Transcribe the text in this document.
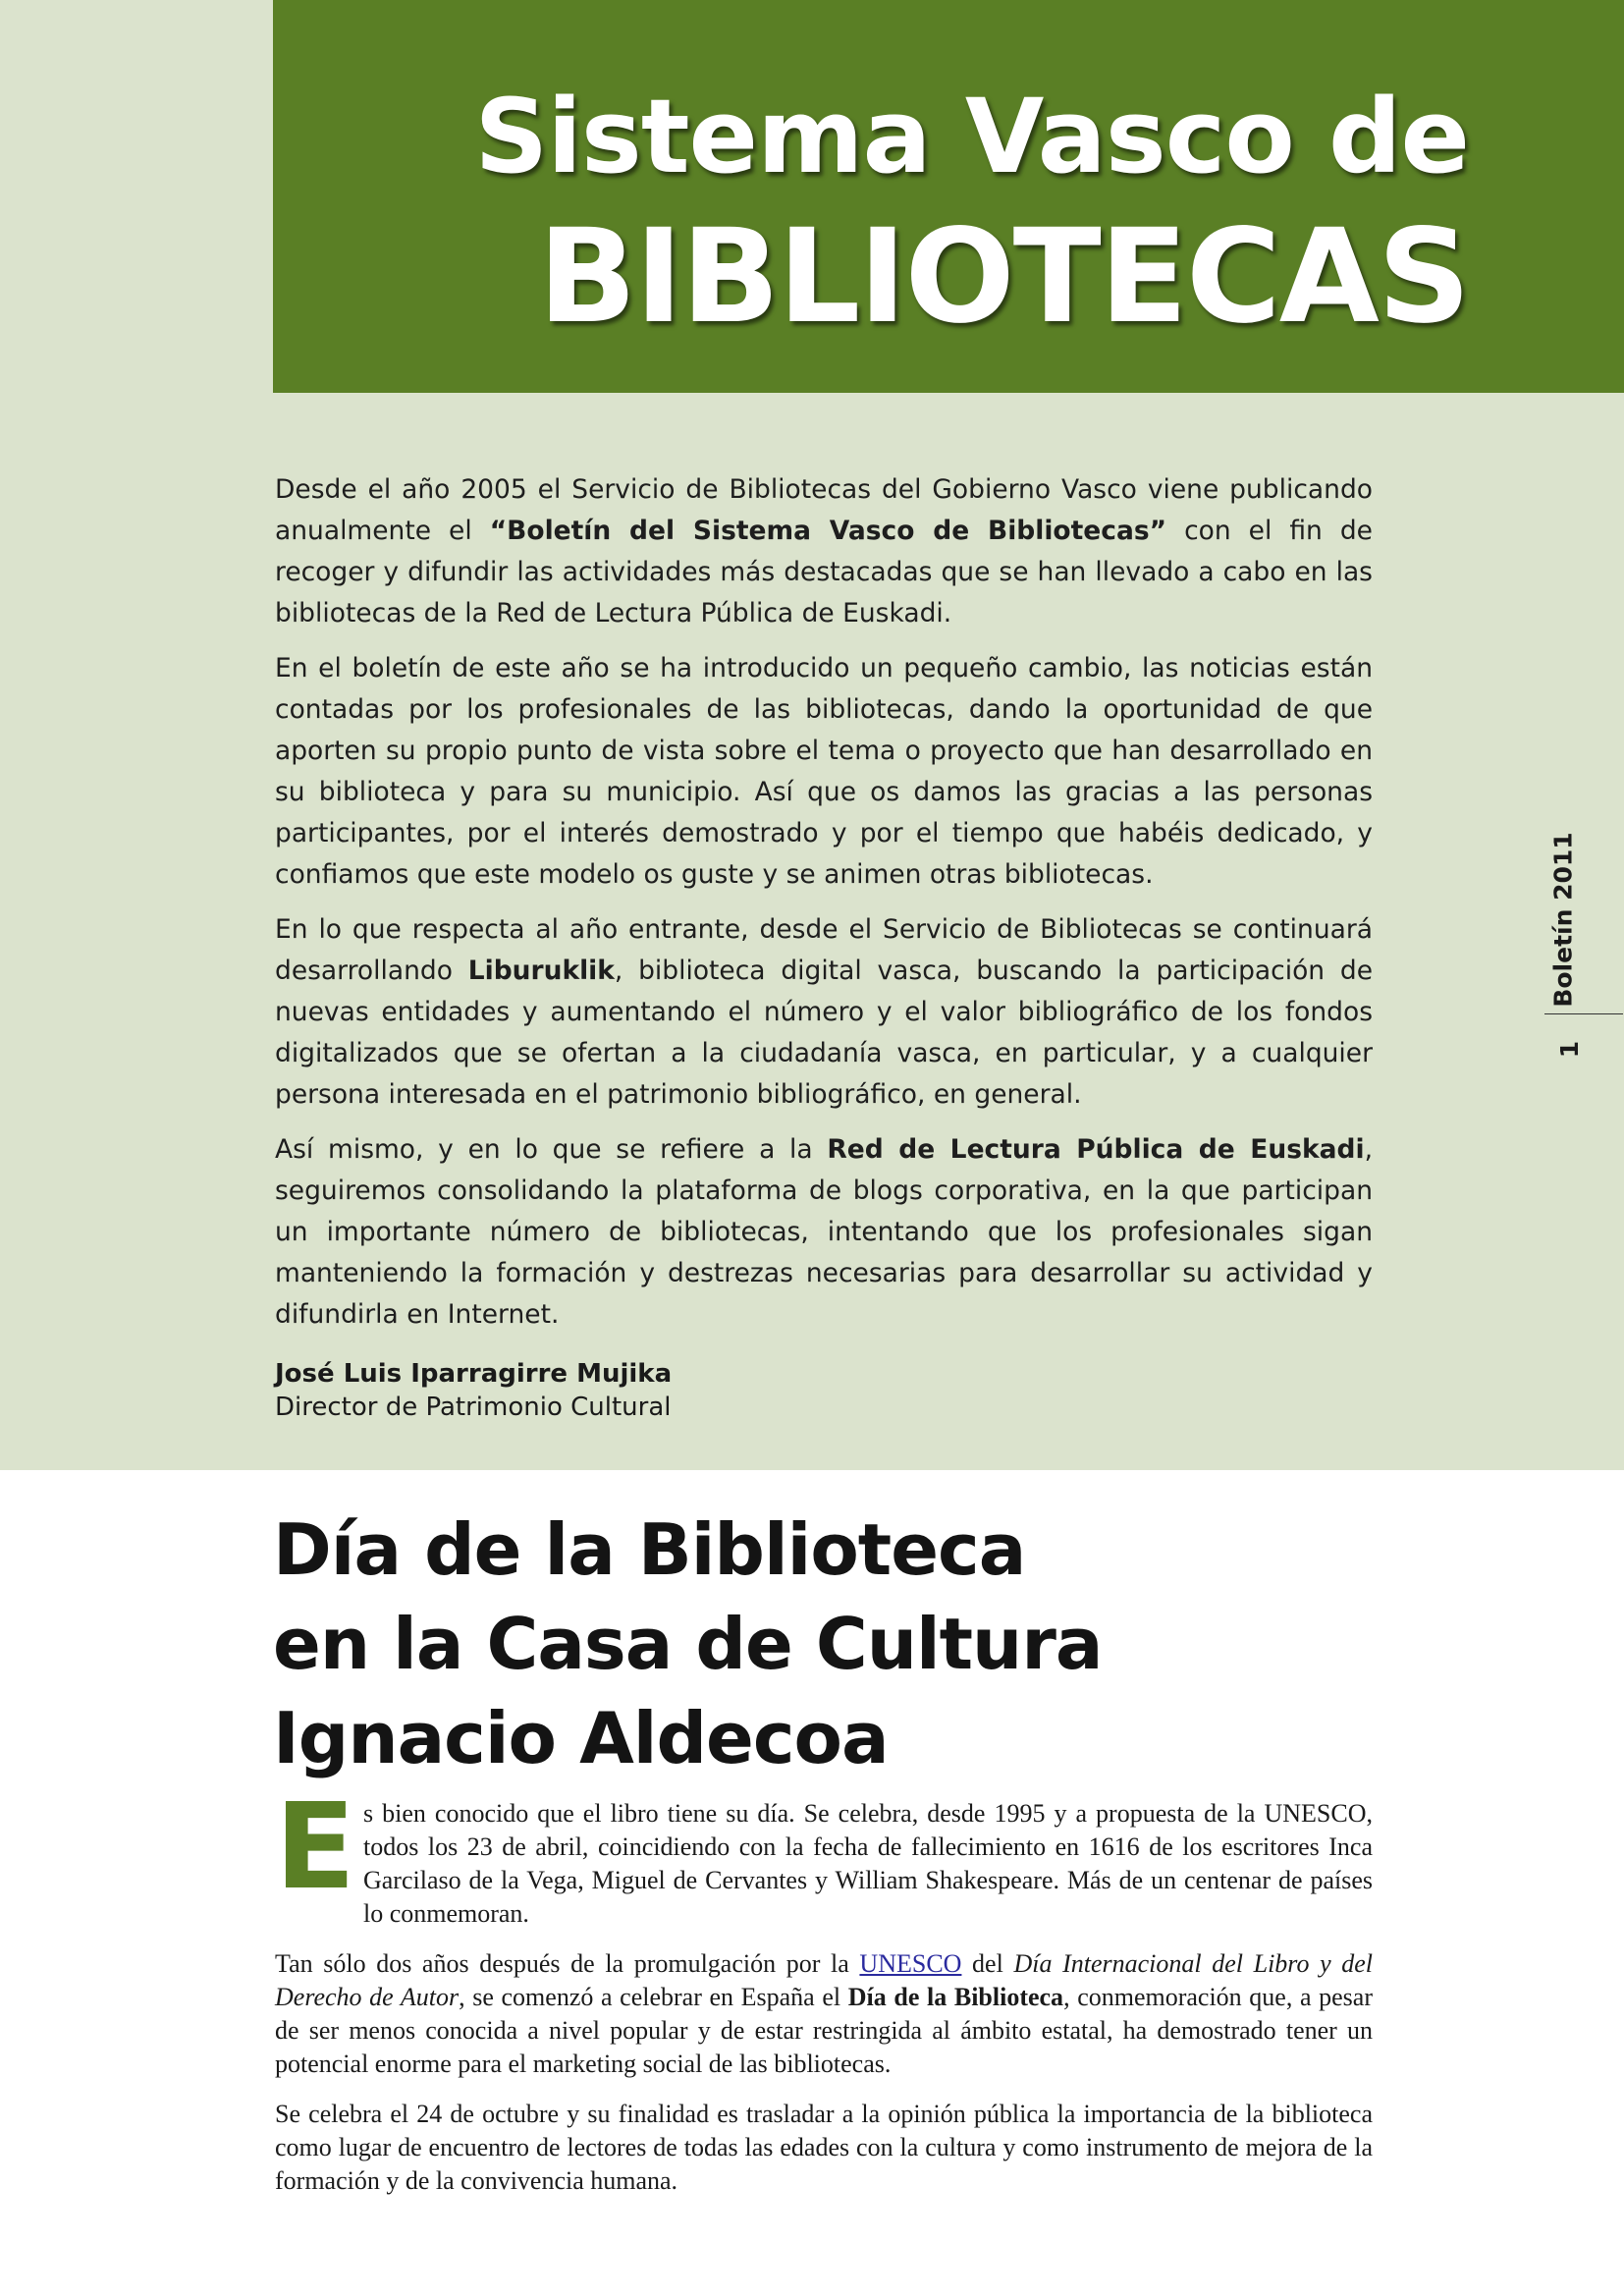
Sistema Vasco de
BIBLIOTECAS

Desde el año 2005 el Servicio de Bibliotecas del Gobierno Vasco viene publicando anualmente el “Boletín del Sistema Vasco de Bibliotecas” con el fin de recoger y difundir las actividades más destacadas que se han llevado a cabo en las bibliotecas de la Red de Lectura Pública de Euskadi.

En el boletín de este año se ha introducido un pequeño cambio, las noticias están contadas por los profesionales de las bibliotecas, dando la oportunidad de que aporten su propio punto de vista sobre el tema o proyecto que han desarrollado en su biblioteca y para su municipio. Así que os damos las gracias a las personas participantes, por el interés demostrado y por el tiempo que habéis dedicado, y confiamos que este modelo os guste y se animen otras bibliotecas.

En lo que respecta al año entrante, desde el Servicio de Bibliotecas se continuará desarrollando Liburuklik, biblioteca digital vasca, buscando la participación de nuevas entidades y aumentando el número y el valor bibliográfico de los fondos digitalizados que se ofertan a la ciudadanía vasca, en particular, y a cualquier persona interesada en el patrimonio bibliográfico, en general.

Así mismo, y en lo que se refiere a la Red de Lectura Pública de Euskadi, seguiremos consolidando la plataforma de blogs corporativa, en la que participan un importante número de bibliotecas, intentando que los profesionales sigan manteniendo la formación y destrezas necesarias para desarrollar su actividad y difundirla en Internet.

José Luis Iparragirre Mujika
Director de Patrimonio Cultural
Boletín 2011
1
Día de la Biblioteca
en la Casa de Cultura
Ignacio Aldecoa

Es bien conocido que el libro tiene su día. Se celebra, desde 1995 y a propuesta de la UNESCO, todos los 23 de abril, coincidiendo con la fecha de fallecimiento en 1616 de los escritores Inca Garcilaso de la Vega, Miguel de Cervantes y William Shakespeare. Más de un centenar de países lo conmemoran.

Tan sólo dos años después de la promulgación por la UNESCO del Día Internacional del Libro y del Derecho de Autor, se comenzó a celebrar en España el Día de la Biblioteca, conmemoración que, a pesar de ser menos conocida a nivel popular y de estar restringida al ámbito estatal, ha demostrado tener un potencial enorme para el marketing social de las bibliotecas.

Se celebra el 24 de octubre y su finalidad es trasladar a la opinión pública la importancia de la biblioteca como lugar de encuentro de lectores de todas las edades con la cultura y como instrumento de mejora de la formación y de la convivencia humana.
